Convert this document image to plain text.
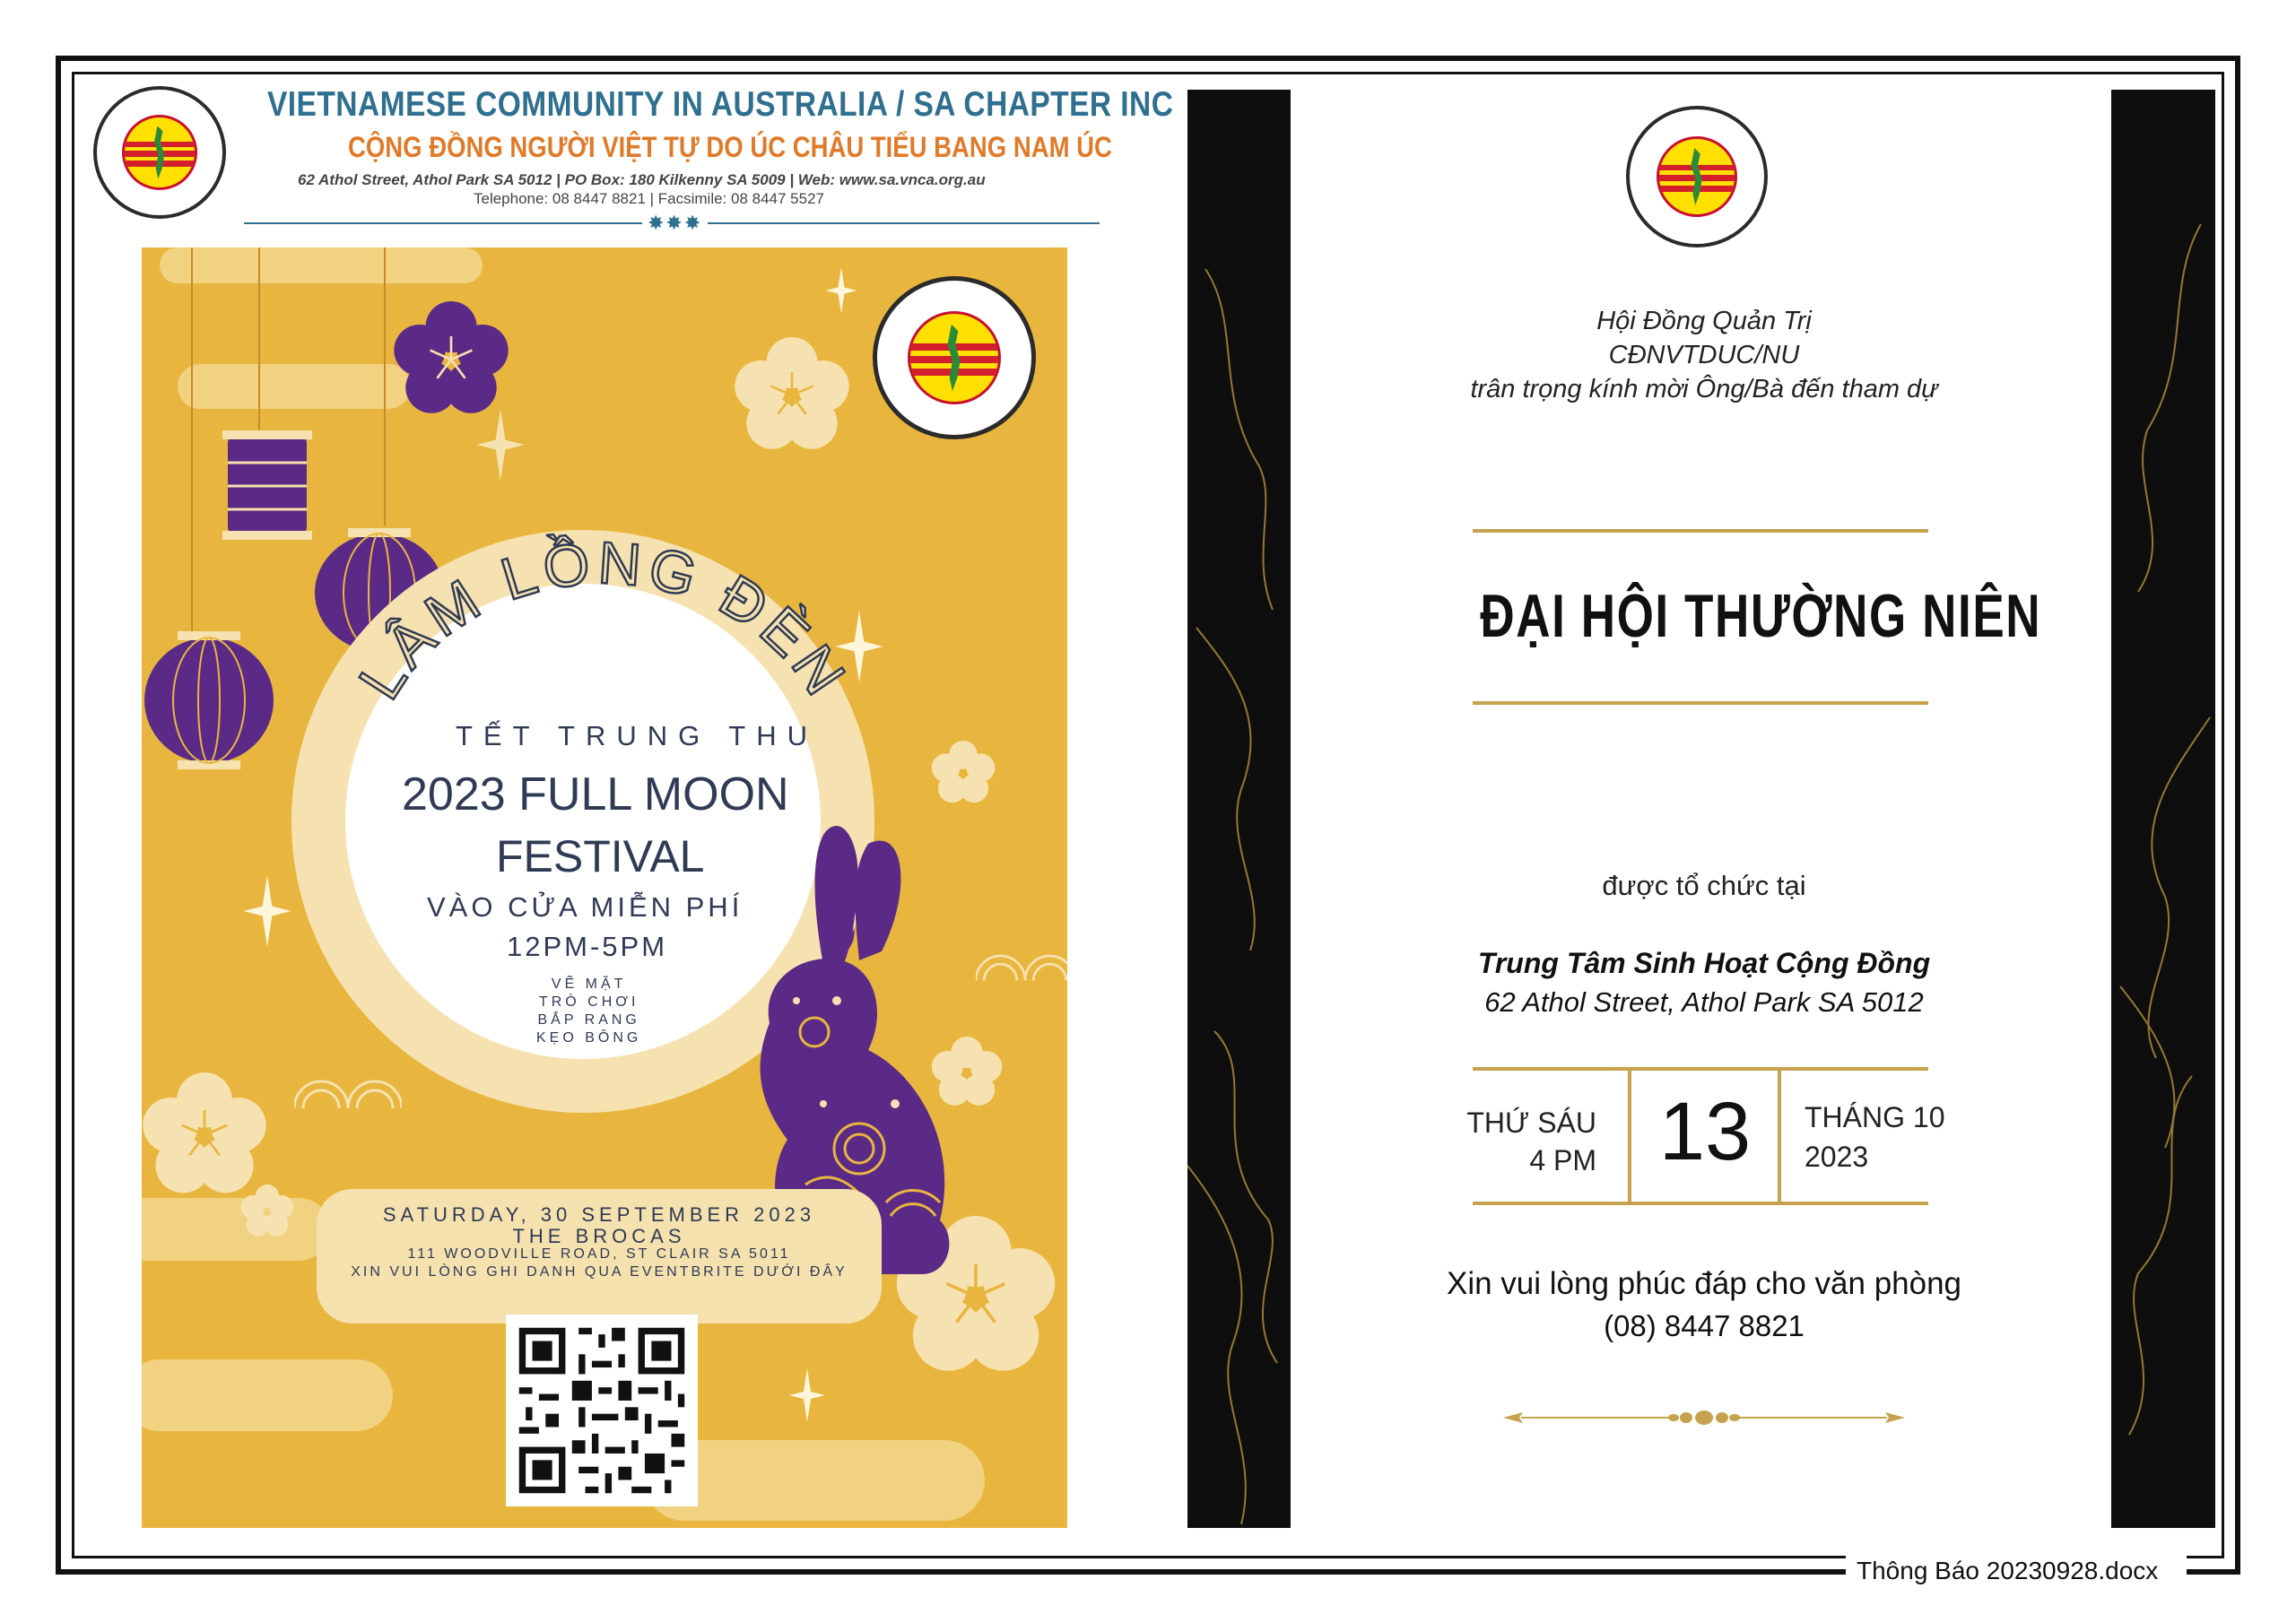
Thông Báo 20230928.docx
VIETNAMESE COMMUNITY IN AUSTRALIA / SA CHAPTER INC
CỘNG ĐỒNG NGƯỜI VIỆT TỰ DO ÚC CHÂU TIỂU BANG NAM ÚC
62 Athol Street, Athol Park SA 5012 | PO Box: 180 Kilkenny SA 5009 | Web: www.sa.vnca.org.au
Telephone: 08 8447 8821 | Facsimile: 08 8447 5527
✸✸✸
LÂM LỒNG ĐÈN
TẾT TRUNG THU
2023 FULL MOON
FESTIVAL
VÀO CỬA MIỄN PHÍ
12PM-5PM
VẼ MẶT
TRÒ CHƠI
BẮP RANG
KẸO BÔNG
SATURDAY, 30 SEPTEMBER 2023
THE BROCAS
111 WOODVILLE ROAD, ST CLAIR SA 5011
XIN VUI LÒNG GHI DANH QUA EVENTBRITE DƯỚI ĐÂY
Hội Đồng Quản Trị
CĐNVTDUC/NU
trân trọng kính mời Ông/Bà đến tham dự
ĐẠI HỘI THƯỜNG NIÊN
được tổ chức tại
Trung Tâm Sinh Hoạt Cộng Đồng
62 Athol Street, Athol Park SA 5012
THỨ SÁU
4 PM 13	THÁNG 10
2023
Xin vui lòng phúc đáp cho văn phòng
(08) 8447 8821
